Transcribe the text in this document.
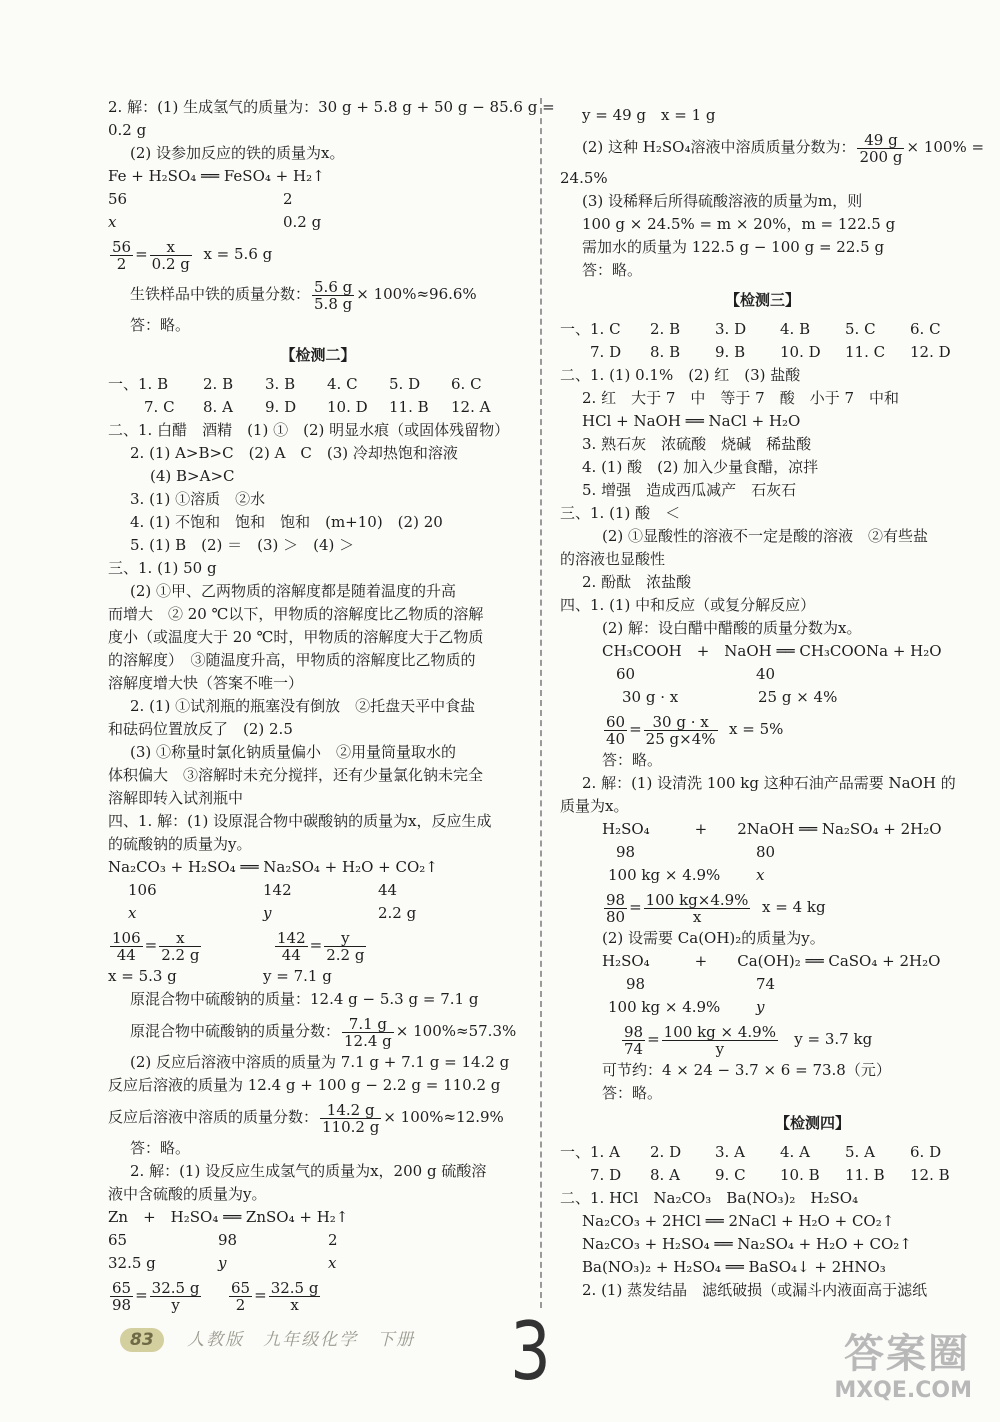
2. 解：(1) 生成氢气的质量为：30 g + 5.8 g + 50 g − 85.6 g =
0.2 g
(2) 设参加反应的铁的质量为x。
Fe + H₂SO₄ ══ FeSO₄ + H₂↑
56	2
x	0.2 g
$\frac{56}{2} = \frac{x}{0.2 g}$ x = 5.6 g
生铁样品中铁的质量分数： $\frac{5.6 g}{5.8 g} \times 100\%\approx 96.6\%$
答：略。
【检测二】
一、1. B	2. B	3. B	4. C	5. D	6. C
7. C	8. A	9. D	10. D	11. B	12. A
二、1. 白醋　酒精　(1) ①　(2) 明显水痕（或固体残留物）
2. (1) A>B>C　(2) A　C　(3) 冷却热饱和溶液
(4) B>A>C
3. (1) ①溶质　②水
4. (1) 不饱和　饱和　饱和　(m+10)　(2) 20
5. (1) B　(2) ＝　(3) ＞　(4) ＞
三、1. (1) 50 g
(2) ①甲、乙两物质的溶解度都是随着温度的升高
而增大　② 20 ℃以下，甲物质的溶解度比乙物质的溶解
度小（或温度大于 20 ℃时，甲物质的溶解度大于乙物质
的溶解度）　③随温度升高，甲物质的溶解度比乙物质的
溶解度增大快（答案不唯一）
2. (1) ①试剂瓶的瓶塞没有倒放　②托盘天平中食盐
和砝码位置放反了　(2) 2.5
(3) ①称量时氯化钠质量偏小　②用量筒量取水的
体积偏大　③溶解时未充分搅拌，还有少量氯化钠未完全
溶解即转入试剂瓶中
四、1. 解：(1) 设原混合物中碳酸钠的质量为x，反应生成
的硫酸钠的质量为y。
Na₂CO₃ + H₂SO₄ ══ Na₂SO₄ + H₂O + CO₂↑
106	142	44
x	y	2.2 g
$\frac{106}{44} = \frac{x}{2.2 g}$
	$\frac{142}{44} = \frac{y}{2.2 g}$
x = 5.3 g	y = 7.1 g
原混合物中硫酸钠的质量：12.4 g − 5.3 g = 7.1 g
原混合物中硫酸钠的质量分数： $\frac{7.1 g}{12.4 g} \times 100\%\approx 57.3\%$
(2) 反应后溶液中溶质的质量为 7.1 g + 7.1 g = 14.2 g
反应后溶液的质量为 12.4 g + 100 g − 2.2 g = 110.2 g
反应后溶液中溶质的质量分数： $\frac{14.2 g}{110.2 g} \times 100\%\approx 12.9\%$
答：略。
2. 解：(1) 设反应生成氢气的质量为x，200 g 硫酸溶
液中含硫酸的质量为y。
Zn　+　H₂SO₄ ══ ZnSO₄ + H₂↑
65	98	2
32.5 g	y	x
$\frac{65}{98} = \frac{32.5 g}{y}$
$\frac{65}{2} = \frac{32.5 g}{x}$
y = 49 g　x = 1 g
(2) 这种 H₂SO₄溶液中溶质质量分数为： $\frac{49 g}{200 g} \times 100\%$ =
24.5%
(3) 设稀释后所得硫酸溶液的质量为m，则
100 g × 24.5% = m × 20%，m = 122.5 g
需加水的质量为 122.5 g − 100 g = 22.5 g
答：略。
【检测三】
一、1. C	2. B	3. D	4. B	5. C	6. C
7. D	8. B	9. B	10. D	11. C	12. D
二、1. (1) 0.1%　(2) 红　(3) 盐酸
2. 红　大于 7　中　等于 7　酸　小于 7　中和
HCl + NaOH ══ NaCl + H₂O
3. 熟石灰　浓硫酸　烧碱　稀盐酸
4. (1) 酸　(2) 加入少量食醋，凉拌
5. 增强　造成西瓜减产　石灰石
三、1. (1) 酸　＜
(2) ①显酸性的溶液不一定是酸的溶液　②有些盐
的溶液也显酸性
2. 酚酞　浓盐酸
四、1. (1) 中和反应（或复分解反应）
(2) 解：设白醋中醋酸的质量分数为x。
CH₃COOH　+　NaOH ══ CH₃COONa + H₂O
60	40
30 g · x	25 g × 4%
$\frac{60}{40} = \frac{30 g \cdot x}{25 g\times 4\%}$ x = 5%
答：略。
2. 解：(1) 设清洗 100 kg 这种石油产品需要 NaOH 的
质量为x。
H₂SO₄　　　+　　2NaOH ══ Na₂SO₄ + 2H₂O
98	80
100 kg × 4.9%	x
$\frac{98}{80} = \frac{100 kg\times 4.9\%}{x}$ x = 4 kg
(2) 设需要 Ca(OH)₂的质量为y。
H₂SO₄　　　+　　Ca(OH)₂ ══ CaSO₄ + 2H₂O
98	74
100 kg × 4.9%	y
$\frac{98}{74} = \frac{100 kg \times 4.9\%}{y}$ y = 3.7 kg
可节约：4 × 24 − 3.7 × 6 = 73.8（元）
答：略。
【检测四】
一、1. A	2. D	3. A	4. A	5. A	6. D
7. D	8. A	9. C	10. B	11. B	12. B
二、1. HCl　Na₂CO₃　Ba(NO₃)₂　H₂SO₄
Na₂CO₃ + 2HCl ══ 2NaCl + H₂O + CO₂↑
Na₂CO₃ + H₂SO₄ ══ Na₂SO₄ + H₂O + CO₂↑
Ba(NO₃)₂ + H₂SO₄ ══ BaSO₄↓ + 2HNO₃
2. (1) 蒸发结晶　滤纸破损（或漏斗内液面高于滤纸
83 人教版　九年级化学　下册 3	答案圈
MXQE.COM
